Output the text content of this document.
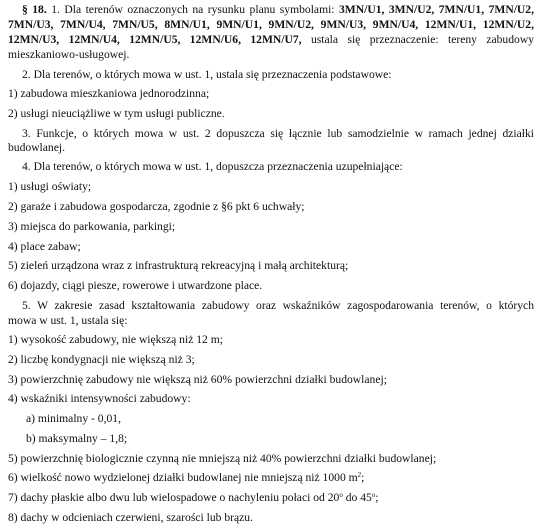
§ 18. 1. Dla terenów oznaczonych na rysunku planu symbolami: 3MN/U1, 3MN/U2, 7MN/U1, 7MN/U2,
7MN/U3, 7MN/U4, 7MN/U5, 8MN/U1, 9MN/U1, 9MN/U2, 9MN/U3, 9MN/U4, 12MN/U1, 12MN/U2,
12MN/U3, 12MN/U4, 12MN/U5, 12MN/U6, 12MN/U7, ustala się przeznaczenie: tereny zabudowy
mieszkaniowo-usługowej.
2. Dla terenów, o których mowa w ust. 1, ustala się przeznaczenia podstawowe:
1) zabudowa mieszkaniowa jednorodzinna;
2) usługi nieuciążliwe w tym usługi publiczne.
3. Funkcje, o których mowa w ust. 2 dopuszcza się łącznie lub samodzielnie w ramach jednej działki
budowlanej.
4. Dla terenów, o których mowa w ust. 1, dopuszcza przeznaczenia uzupełniające:
1) usługi oświaty;
2) garaże i zabudowa gospodarcza, zgodnie z §6 pkt 6 uchwały;
3) miejsca do parkowania, parkingi;
4) place zabaw;
5) zieleń urządzona wraz z infrastrukturą rekreacyjną i małą architekturą;
6) dojazdy, ciągi piesze, rowerowe i utwardzone place.
5. W zakresie zasad kształtowania zabudowy oraz wskaźników zagospodarowania terenów, o których
mowa w ust. 1, ustala się:
1) wysokość zabudowy, nie większą niż 12 m;
2) liczbę kondygnacji nie większą niż 3;
3) powierzchnię zabudowy nie większą niż 60% powierzchni działki budowlanej;
4) wskaźniki intensywności zabudowy:
a) minimalny - 0,01,
b) maksymalny – 1,8;
5) powierzchnię biologicznie czynną nie mniejszą niż 40% powierzchni działki budowlanej;
6) wielkość nowo wydzielonej działki budowlanej nie mniejszą niż 1000 $m^2$;
7) dachy płaskie albo dwu lub wielospadowe o nachyleniu połaci od 20$^o$ do 45$^o$;
8) dachy w odcieniach czerwieni, szarości lub brązu.
